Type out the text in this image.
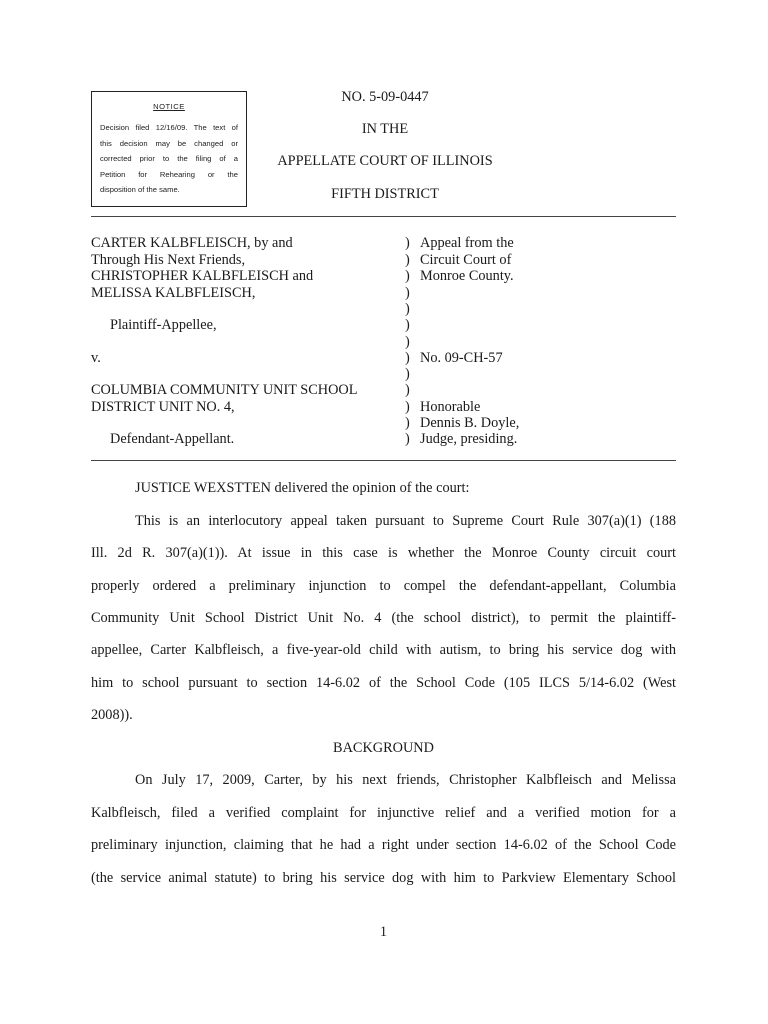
NOTICE
Decision filed 12/16/09. The text of
this decision may be changed or
corrected prior to the filing of a
Petition for Rehearing or the
disposition of the same.
NO. 5-09-0447
IN THE
APPELLATE COURT OF ILLINOIS
FIFTH DISTRICT
CARTER KALBFLEISCH, by and
Through His Next Friends,
CHRISTOPHER KALBFLEISCH and
MELISSA KALBFLEISCH,
Plaintiff-Appellee,
v.
COLUMBIA COMMUNITY UNIT SCHOOL
DISTRICT UNIT NO. 4,
Defendant-Appellant.
)
)
)
)
)
)
)
)
)
)
)
)
)
Appeal from the
Circuit Court of
Monroe County.
No. 09-CH-57
Honorable
Dennis B. Doyle,
Judge, presiding.
JUSTICE WEXSTTEN delivered the opinion of the court:
This is an interlocutory appeal taken pursuant to Supreme Court Rule 307(a)(1) (188
Ill. 2d R. 307(a)(1)). At issue in this case is whether the Monroe County circuit court
properly ordered a preliminary injunction to compel the defendant-appellant, Columbia
Community Unit School District Unit No. 4 (the school district), to permit the plaintiff-
appellee, Carter Kalbfleisch, a five-year-old child with autism, to bring his service dog with
him to school pursuant to section 14-6.02 of the School Code (105 ILCS 5/14-6.02 (West
2008)).
BACKGROUND
On July 17, 2009, Carter, by his next friends, Christopher Kalbfleisch and Melissa
Kalbfleisch, filed a verified complaint for injunctive relief and a verified motion for a
preliminary injunction, claiming that he had a right under section 14-6.02 of the School Code
(the service animal statute) to bring his service dog with him to Parkview Elementary School
1
